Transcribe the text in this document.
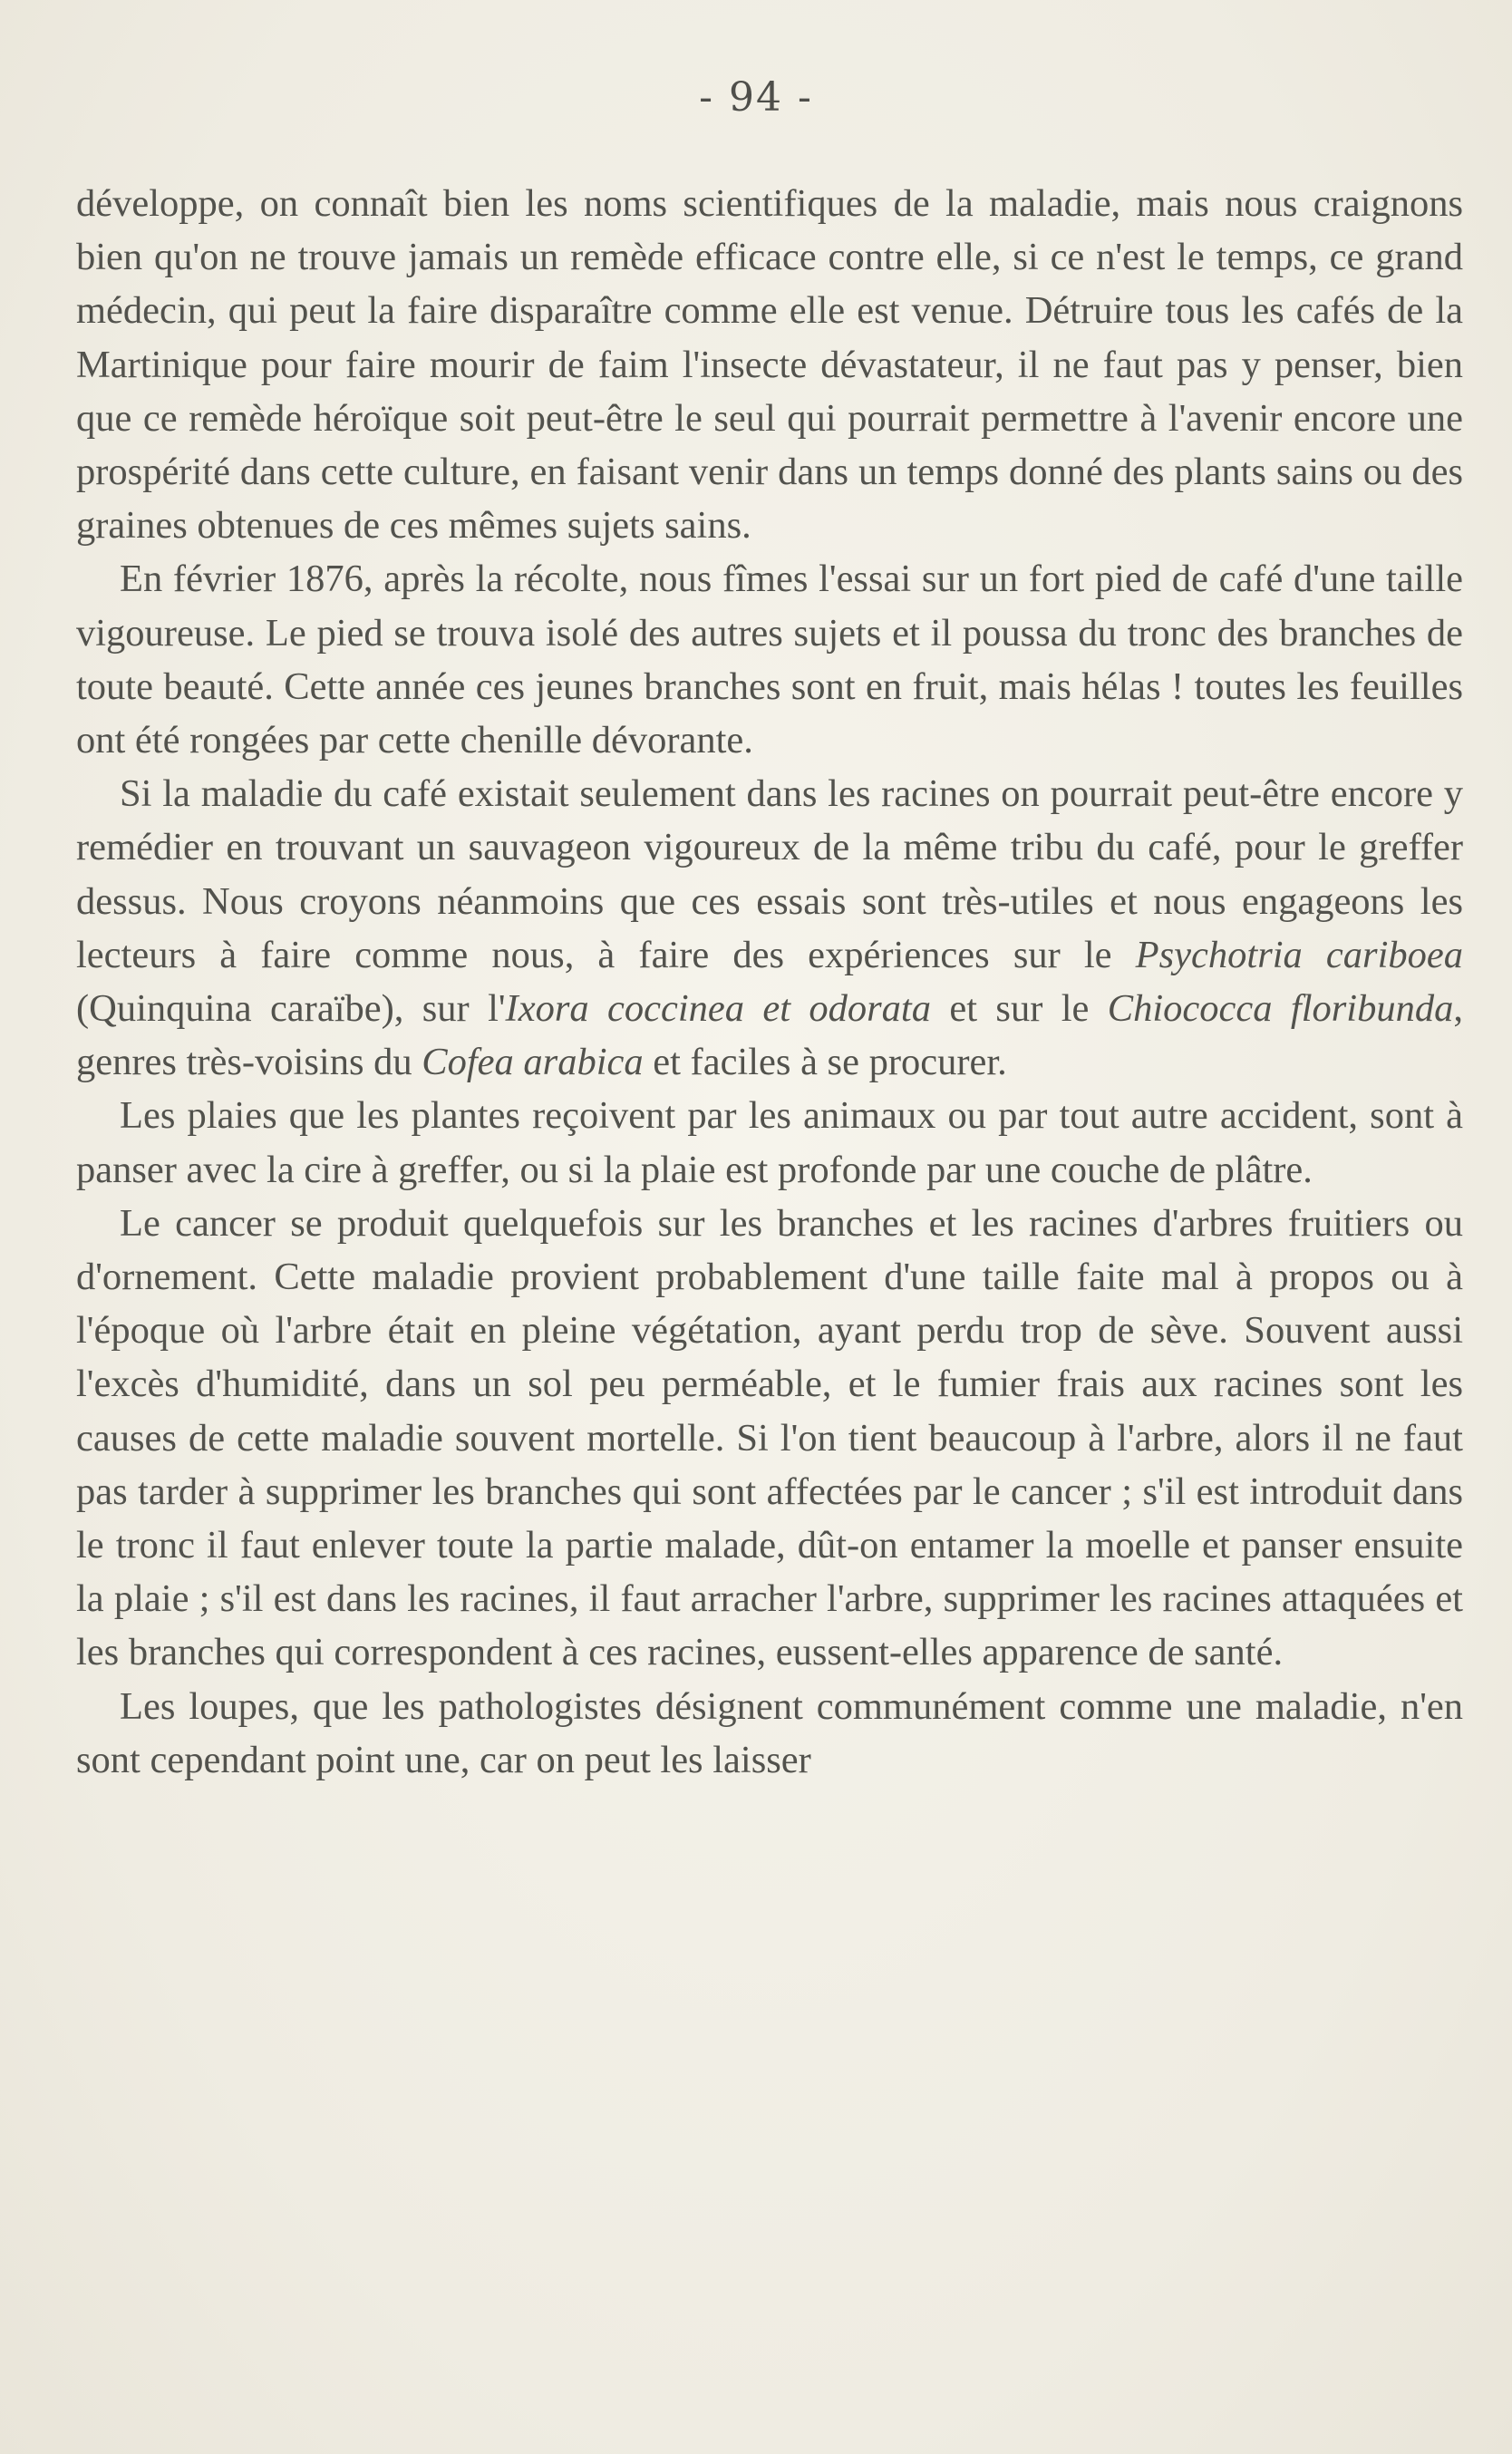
- 94 -

développe, on connaît bien les noms scientifiques de la maladie, mais nous craignons bien qu'on ne trouve jamais un remède efficace contre elle, si ce n'est le temps, ce grand médecin, qui peut la faire disparaître comme elle est venue. Détruire tous les cafés de la Martinique pour faire mourir de faim l'insecte dévastateur, il ne faut pas y penser, bien que ce remède héroïque soit peut-être le seul qui pourrait permettre à l'avenir encore une prospérité dans cette culture, en faisant venir dans un temps donné des plants sains ou des graines obtenues de ces mêmes sujets sains.

En février 1876, après la récolte, nous fîmes l'essai sur un fort pied de café d'une taille vigoureuse. Le pied se trouva isolé des autres sujets et il poussa du tronc des branches de toute beauté. Cette année ces jeunes branches sont en fruit, mais hélas ! toutes les feuilles ont été rongées par cette chenille dévorante.

Si la maladie du café existait seulement dans les racines on pourrait peut-être encore y remédier en trouvant un sauvageon vigoureux de la même tribu du café, pour le greffer dessus. Nous croyons néanmoins que ces essais sont très-utiles et nous engageons les lecteurs à faire comme nous, à faire des expériences sur le Psychotria cariboea (Quinquina caraïbe), sur l'Ixora coccinea et odorata et sur le Chiococca floribunda, genres très-voisins du Cofea arabica et faciles à se procurer.

Les plaies que les plantes reçoivent par les animaux ou par tout autre accident, sont à panser avec la cire à greffer, ou si la plaie est profonde par une couche de plâtre.

Le cancer se produit quelquefois sur les branches et les racines d'arbres fruitiers ou d'ornement. Cette maladie provient probablement d'une taille faite mal à propos ou à l'époque où l'arbre était en pleine végétation, ayant perdu trop de sève. Souvent aussi l'excès d'humidité, dans un sol peu perméable, et le fumier frais aux racines sont les causes de cette maladie souvent mortelle. Si l'on tient beaucoup à l'arbre, alors il ne faut pas tarder à supprimer les branches qui sont affectées par le cancer ; s'il est introduit dans le tronc il faut enlever toute la partie malade, dût-on entamer la moelle et panser ensuite la plaie ; s'il est dans les racines, il faut arracher l'arbre, supprimer les racines attaquées et les branches qui correspondent à ces racines, eussent-elles apparence de santé.

Les loupes, que les pathologistes désignent communément comme une maladie, n'en sont cependant point une, car on peut les laisser
